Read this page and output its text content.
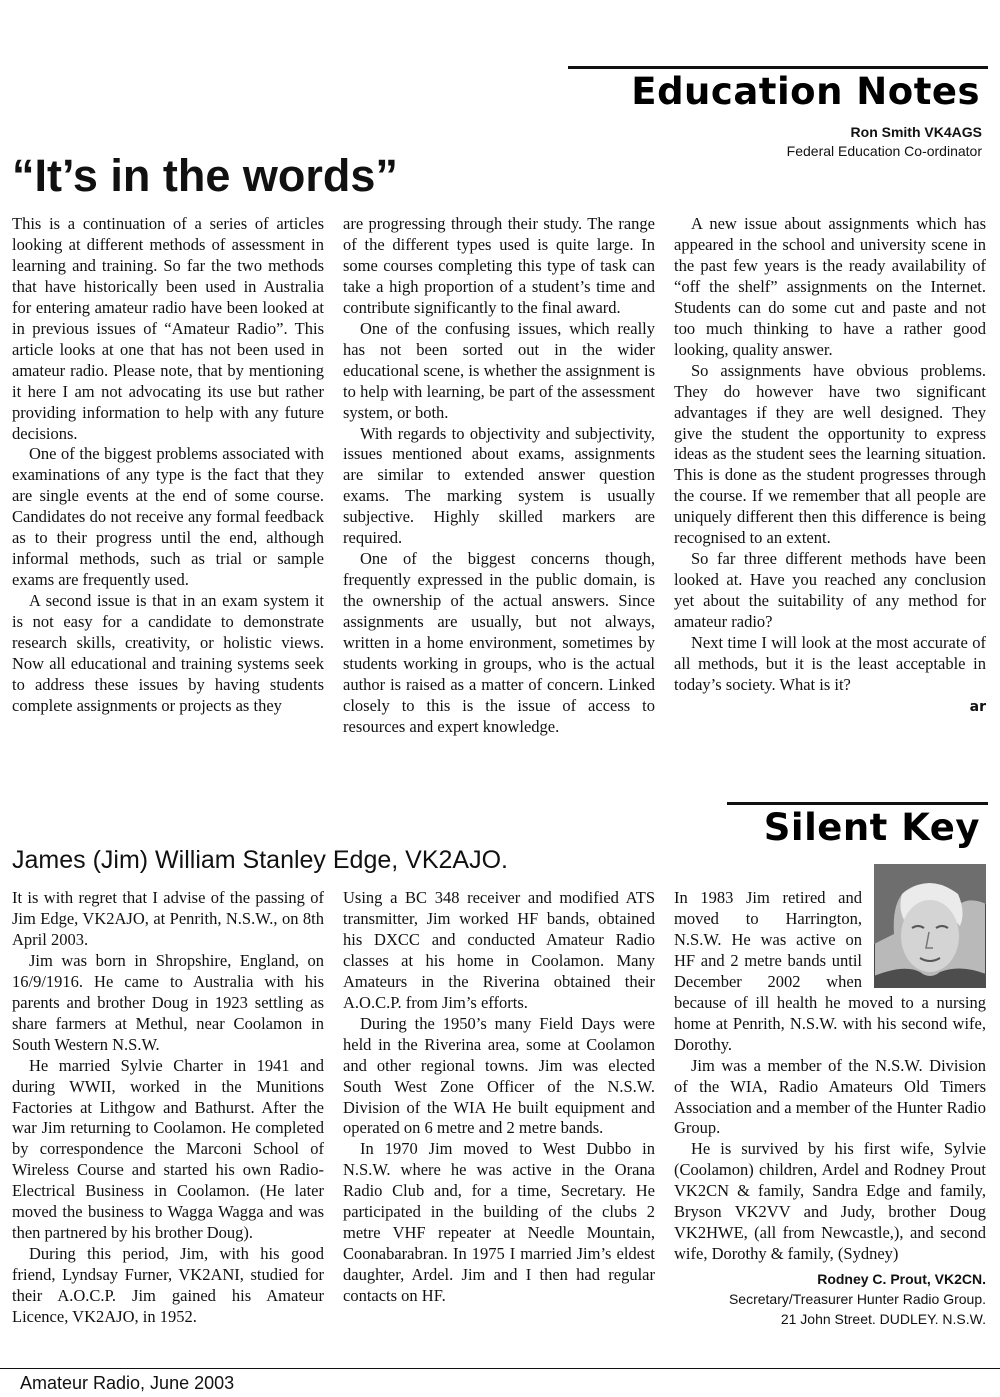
Education Notes
Ron Smith VK4AGS
Federal Education Co-ordinator
“It’s in the words”

This is a continuation of a series of articles looking at different methods of assessment in learning and training. So far the two methods that have historically been used in Australia for entering amateur radio have been looked at in previous issues of “Amateur Radio”. This article looks at one that has not been used in amateur radio. Please note, that by mentioning it here I am not advocating its use but rather providing information to help with any future decisions.

One of the biggest problems associated with examinations of any type is the fact that they are single events at the end of some course. Candidates do not receive any formal feedback as to their progress until the end, although informal methods, such as trial or sample exams are frequently used.

A second issue is that in an exam system it is not easy for a candidate to demonstrate research skills, creativity, or holistic views. Now all educational and training systems seek to address these issues by having students complete assignments or projects as they

are progressing through their study. The range of the different types used is quite large. In some courses completing this type of task can take a high proportion of a student’s time and contribute significantly to the final award.

One of the confusing issues, which really has not been sorted out in the wider educational scene, is whether the assignment is to help with learning, be part of the assessment system, or both.

With regards to objectivity and subjectivity, issues mentioned about exams, assignments are similar to extended answer question exams. The marking system is usually subjective. Highly skilled markers are required.

One of the biggest concerns though, frequently expressed in the public domain, is the ownership of the actual answers. Since assignments are usually, but not always, written in a home environment, sometimes by students working in groups, who is the actual author is raised as a matter of concern. Linked closely to this is the issue of access to resources and expert knowledge.

A new issue about assignments which has appeared in the school and university scene in the past few years is the ready availability of “off the shelf” assignments on the Internet. Students can do some cut and paste and not too much thinking to have a rather good looking, quality answer.

So assignments have obvious problems. They do however have two significant advantages if they are well designed. They give the student the opportunity to express ideas as the student sees the learning situation. This is done as the student progresses through the course. If we remember that all people are uniquely different then this difference is being recognised to an extent.

So far three different methods have been looked at. Have you reached any conclusion yet about the suitability of any method for amateur radio?

Next time I will look at the most accurate of all methods, but it is the least acceptable in today’s society. What is it?

ar
Silent Key
James (Jim) William Stanley Edge, VK2AJO.

It is with regret that I advise of the passing of Jim Edge, VK2AJO, at Penrith, N.S.W., on 8th April 2003.

Jim was born in Shropshire, England, on 16/9/1916. He came to Australia with his parents and brother Doug in 1923 settling as share farmers at Methul, near Coolamon in South Western N.S.W.

He married Sylvie Charter in 1941 and during WWII, worked in the Munitions Factories at Lithgow and Bathurst. After the war Jim returning to Coolamon. He completed by correspondence the Marconi School of Wireless Course and started his own Radio-Electrical Business in Coolamon. (He later moved the business to Wagga Wagga and was then partnered by his brother Doug).

During this period, Jim, with his good friend, Lyndsay Furner, VK2ANI, studied for their A.O.C.P. Jim gained his Amateur Licence, VK2AJO, in 1952.

Using a BC 348 receiver and modified ATS transmitter, Jim worked HF bands, obtained his DXCC and conducted Amateur Radio classes at his home in Coolamon. Many Amateurs in the Riverina obtained their A.O.C.P. from Jim’s efforts.

During the 1950’s many Field Days were held in the Riverina area, some at Coolamon and other regional towns. Jim was elected South West Zone Officer of the N.S.W. Division of the WIA He built equipment and operated on 6 metre and 2 metre bands.

In 1970 Jim moved to West Dubbo in N.S.W. where he was active in the Orana Radio Club and, for a time, Secretary. He participated in the building of the clubs 2 metre VHF repeater at Needle Mountain, Coonabarabran. In 1975 I married Jim’s eldest daughter, Ardel. Jim and I then had regular contacts on HF.

In 1983 Jim retired and moved to Harrington, N.S.W. He was active on HF and 2 metre bands until December 2002 when because of ill health he moved to a nursing home at Penrith, N.S.W. with his second wife, Dorothy.

Jim was a member of the N.S.W. Division of the WIA, Radio Amateurs Old Timers Association and a member of the Hunter Radio Group.

He is survived by his first wife, Sylvie (Coolamon) children, Ardel and Rodney Prout VK2CN & family, Sandra Edge and family, Bryson VK2VV and Judy, brother Doug VK2HWE, (all from Newcastle,), and second wife, Dorothy & family, (Sydney)

Rodney C. Prout, VK2CN.
Secretary/Treasurer Hunter Radio Group.
21 John Street. DUDLEY. N.S.W.
Amateur Radio, June 2003
